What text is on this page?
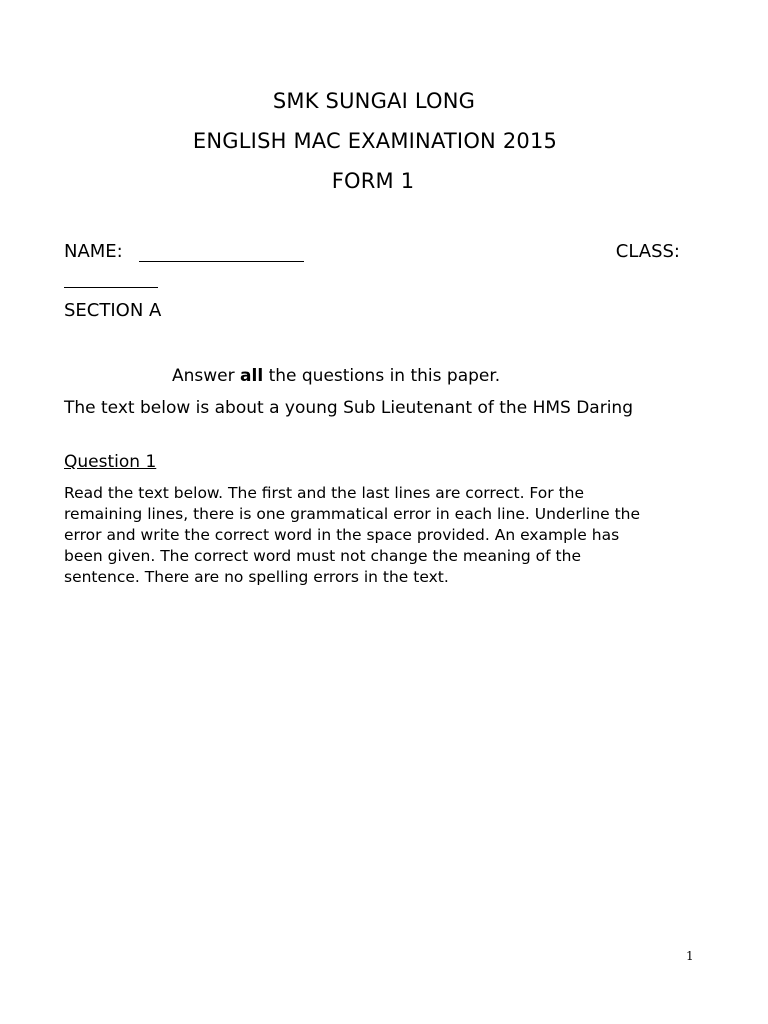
SMK SUNGAI LONG
ENGLISH MAC EXAMINATION 2015
FORM 1
NAME:	CLASS:
SECTION A
Answer all the questions in this paper.
The text below is about a young Sub Lieutenant of the HMS Daring
Question 1
Read the text below. The first and the last lines are correct. For the remaining lines, there is one grammatical error in each line. Underline the error and write the correct word in the space provided. An example has been given. The correct word must not change the meaning of the sentence. There are no spelling errors in the text.
1
